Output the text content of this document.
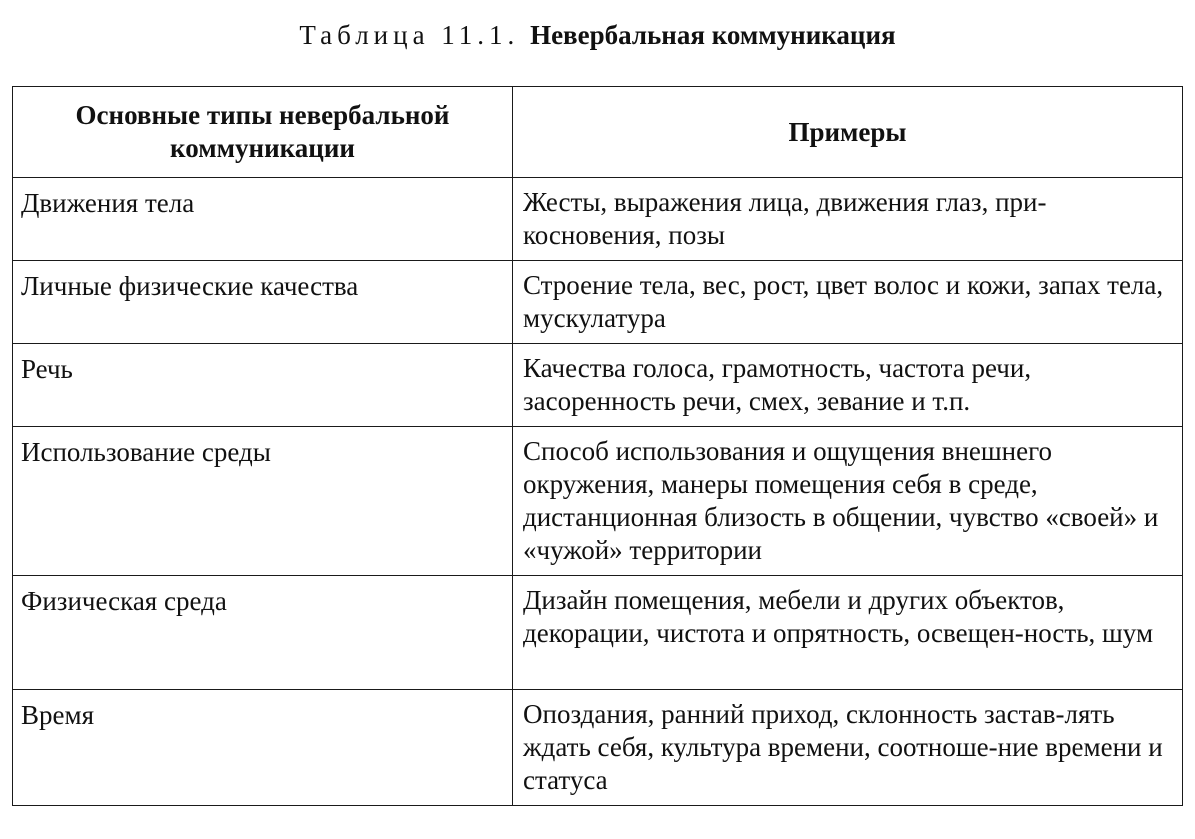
Таблица 11.1. Невербальная коммуникация
Основные типы невербальной коммуникации	Примеры
Движения тела	Жесты, выражения лица, движения глаз, при-косновения, позы
Личные физические качества	Строение тела, вес, рост, цвет волос и кожи, запах тела, мускулатура
Речь	Качества голоса, грамотность, частота речи, засоренность речи, смех, зевание и т.п.
Использование среды	Способ использования и ощущения внешнего окружения, манеры помещения себя в среде, дистанционная близость в общении, чувство «своей» и «чужой» территории
Физическая среда	Дизайн помещения, мебели и других объектов, декорации, чистота и опрятность, освещен-ность, шум
Время	Опоздания, ранний приход, склонность застав-лять ждать себя, культура времени, соотноше-ние времени и статуса
